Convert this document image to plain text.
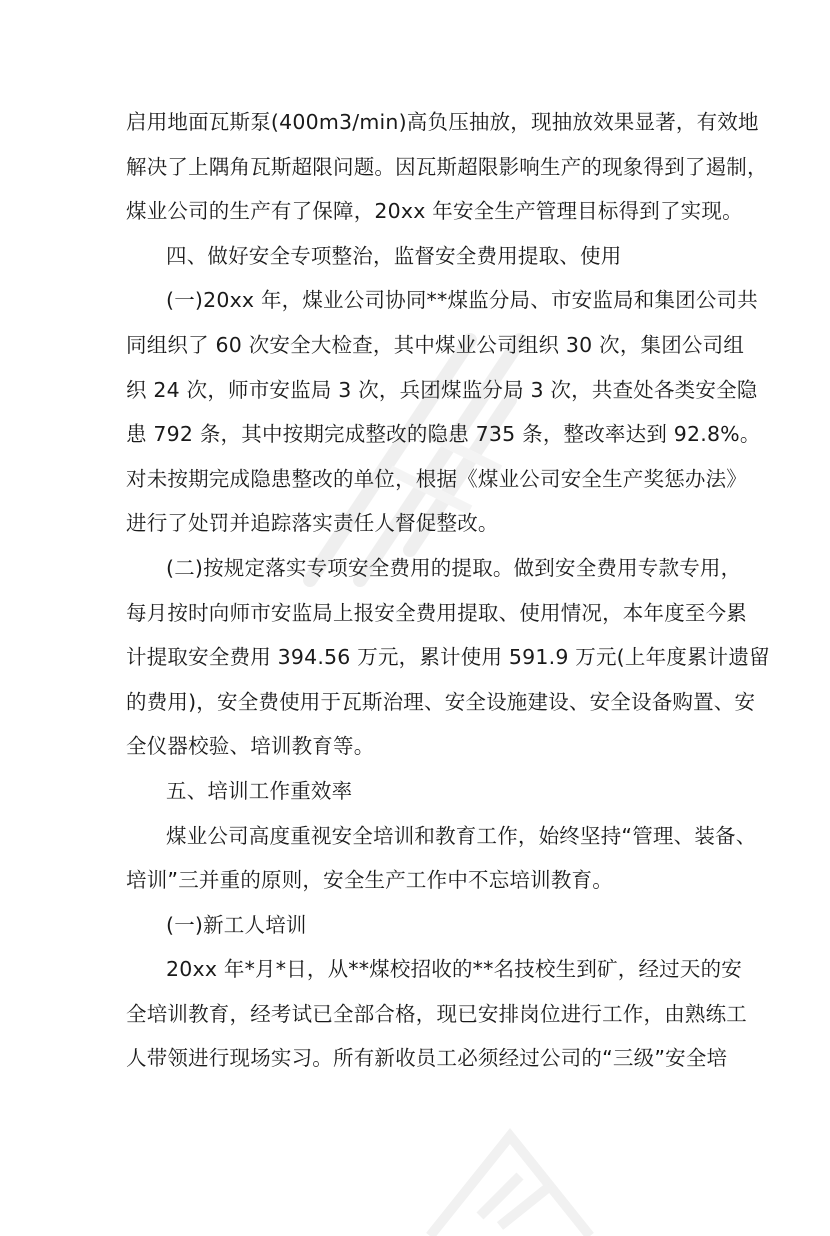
启用地面瓦斯泵(400m3/min)高负压抽放，现抽放效果显著，有效地
解决了上隅角瓦斯超限问题。因瓦斯超限影响生产的现象得到了遏制，
煤业公司的生产有了保障，20xx 年安全生产管理目标得到了实现。
四、做好安全专项整治，监督安全费用提取、使用
(一)20xx 年，煤业公司协同**煤监分局、市安监局和集团公司共
同组织了 60 次安全大检查，其中煤业公司组织 30 次，集团公司组
织 24 次，师市安监局 3 次，兵团煤监分局 3 次，共查处各类安全隐
患 792 条，其中按期完成整改的隐患 735 条，整改率达到 92.8%。
对未按期完成隐患整改的单位，根据《煤业公司安全生产奖惩办法》
进行了处罚并追踪落实责任人督促整改。
(二)按规定落实专项安全费用的提取。做到安全费用专款专用，
每月按时向师市安监局上报安全费用提取、使用情况，本年度至今累
计提取安全费用 394.56 万元，累计使用 591.9 万元(上年度累计遗留
的费用)，安全费使用于瓦斯治理、安全设施建设、安全设备购置、安
全仪器校验、培训教育等。
五、培训工作重效率
煤业公司高度重视安全培训和教育工作，始终坚持“管理、装备、
培训”三并重的原则，安全生产工作中不忘培训教育。
(一)新工人培训
20xx 年*月*日，从**煤校招收的**名技校生到矿，经过天的安
全培训教育，经考试已全部合格，现已安排岗位进行工作，由熟练工
人带领进行现场实习。所有新收员工必须经过公司的“三级”安全培
